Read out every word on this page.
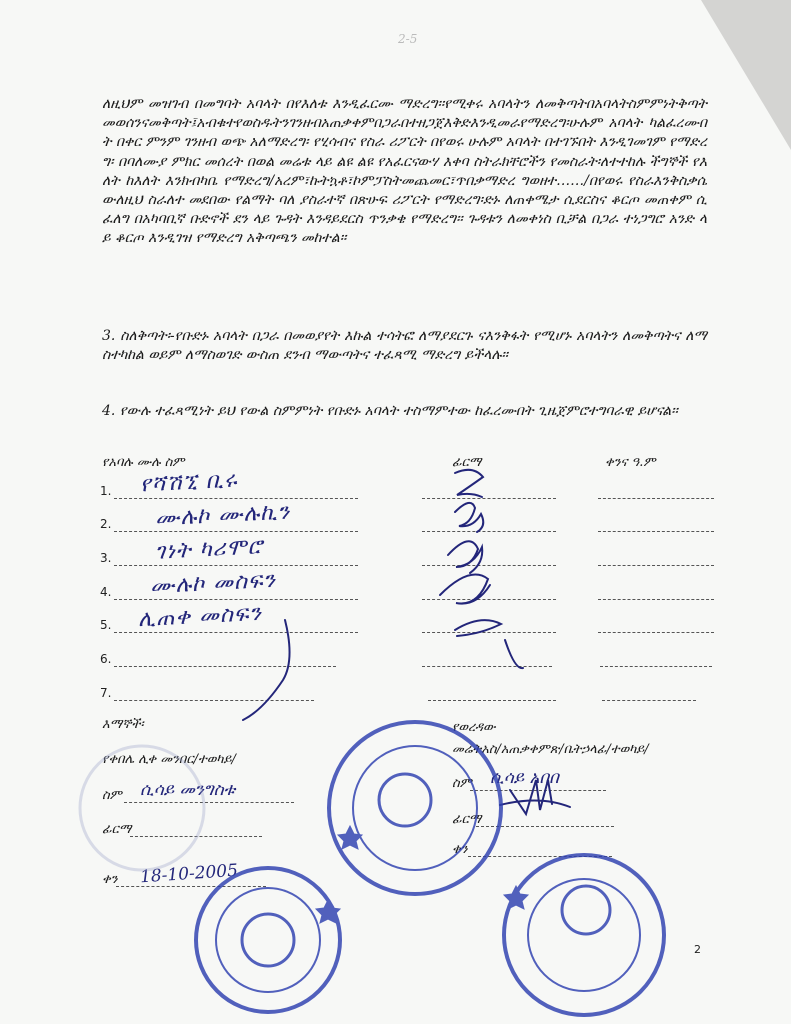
2-5
ለዚህም መዝገብ በመግባት አባላት በየእለቱ እንዲፈርሙ ማድረግ፡፡የሚቀሩ አባላትን ለመቅጣትበአባላትስምምነትቅጣትመወሰንናመቅጣት፤አብቁተየወስዱትንገንዘብአጠቃቀምበጋራበተዘጋጀእቅድእንዲመራየማድረግ፡ሁሉም አባላት ካልፈረሙበት በቀር ምንም ገንዘብ ወጭ አለማድረግ፡ የሂሳብና የስራ ሪፖርት በየወሩ ሁሉም አባላት በተገኙበት እንዲገመገም የማድረግ፡ በባለሙያ ምክር መሰረት በወል መሬቱ ላይ ልዩ ልዩ የአፈርናውሃ እቀባ ስትራክቸሮችን የመስራት፡ለተተከሉ ችግኞች የእለት ከእለት እንክብካቤ የማድረግ/አረም፣ኩትኳቶ፣ኮምፓስትመጨመር፣ጥበቃማድረ ግወዘተ……/በየወሩ የስራእንቅስቃሴውለዚህ ስራለተ መደበው የልማት ባለ ያስራተኛ በጽሁፍ ሪፖርት የማድረግ፡ድኑ ለጠቀሜታ ሲደርስና ቆርጦ መጠቀም ሲፈለግ በአካባቢኛ ቡድኖች ደን ላይ ጉዳት እንዳይደርስ ጥንቃቄ የማድረግ፡፡ ጉዳቱን ለመቀነስ ቢቻል በጋራ ተነጋግሮ አንድ ላይ ቆርጦ እንዲገዝ የማድረግ አቅጣጫን መከተል፡፡
3. ስለቅጣት፡-የቡድኑ አባላት በጋራ በመወያየት እኩል ተሳትፎ ለማያደርጉ ናእንቅፋት የሚሆኑ አባላትን ለመቅጣትና ለማስተካከል ወይም ለማስወገድ ውስጠ ደንብ ማውጣትና ተፈጻሚ ማድረግ ይችላሉ፡፡
4. የውሉ ተፈጻሚነት ይህ የውል ስምምነት የቡድኑ አባላት ተስማምተው ከፈረሙበት ጊዜጀምሮተግባራዊ ይሆናል፡፡
የአባሉ ሙሉ ስም	ፊርማ	ቀንና ዓ.ም
1. የሻሽኚ ቢሩ
2. ሙሉኮ ሙሉኪን
3. ገነት ካሪሞሮ
4. ሙሉኮ መስፍን
5. ሊጠቀ መስፍን
6.
7.
እማኞች፡
የቀበሌ ሊቀ መንበር/ተወካይ/
ስም ሲሳይ መንግስቱ
ፊርማ
ቀን 18-10-2005
የወረዳው
መሬትአስ/አጠቃቀምጽ/ቤትኃላፊ/ተወካይ/
ስም ሲሳይ አበበ
ፊርማ
ቀን
2
